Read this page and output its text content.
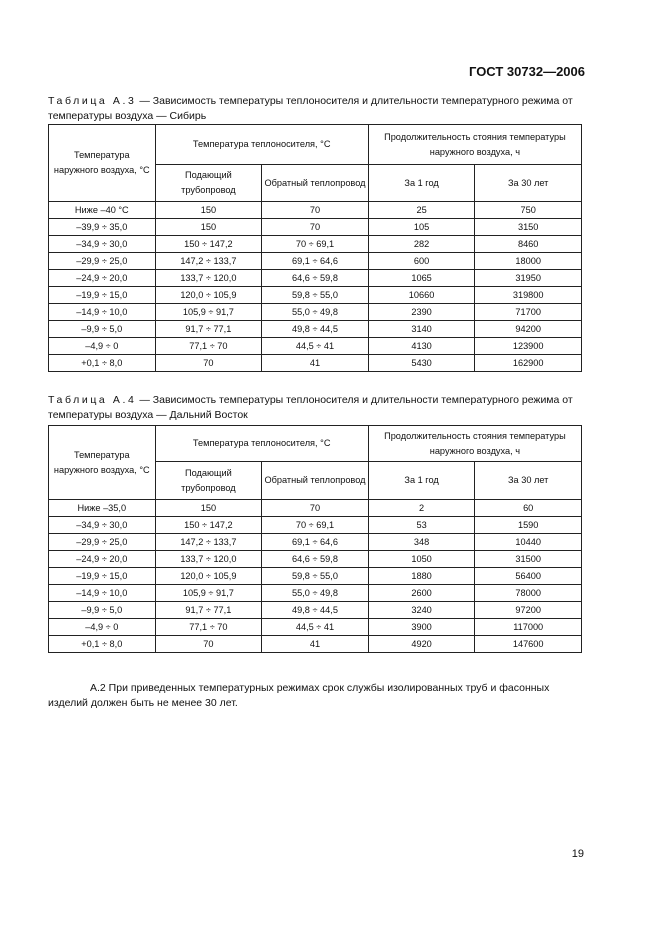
ГОСТ 30732—2006
Таблица А.3 — Зависимость температуры теплоносителя и длительности температурного режима от температуры воздуха — Сибирь
Температура наружного воздуха, °С	Температура теплоносителя, °С		Продолжительность стояния температуры наружного воздуха, ч	
	Подающий трубопровод	Обратный теплопровод	За 1 год	За 30 лет
Ниже –40 °С	150	70	25	750
–39,9 ÷ 35,0	150	70	105	3150
–34,9 ÷ 30,0	150 ÷ 147,2	70 ÷ 69,1	282	8460
–29,9 ÷ 25,0	147,2 ÷ 133,7	69,1 ÷ 64,6	600	18000
–24,9 ÷ 20,0	133,7 ÷ 120,0	64,6 ÷ 59,8	1065	31950
–19,9 ÷ 15,0	120,0 ÷ 105,9	59,8 ÷ 55,0	10660	319800
–14,9 ÷ 10,0	105,9 ÷ 91,7	55,0 ÷ 49,8	2390	71700
–9,9 ÷ 5,0	91,7 ÷ 77,1	49,8 ÷ 44,5	3140	94200
–4,9 ÷ 0	77,1 ÷ 70	44,5 ÷ 41	4130	123900
+0,1 ÷ 8,0	70	41	5430	162900
Таблица А.4 — Зависимость температуры теплоносителя и длительности температурного режима от температуры воздуха — Дальний Восток
Температура наружного воздуха, °С	Температура теплоносителя, °С		Продолжительность стояния температуры наружного воздуха, ч	
	Подающий трубопровод	Обратный теплопровод	За 1 год	За 30 лет
Ниже –35,0	150	70	2	60
–34,9 ÷ 30,0	150 ÷ 147,2	70 ÷ 69,1	53	1590
–29,9 ÷ 25,0	147,2 ÷ 133,7	69,1 ÷ 64,6	348	10440
–24,9 ÷ 20,0	133,7 ÷ 120,0	64,6 ÷ 59,8	1050	31500
–19,9 ÷ 15,0	120,0 ÷ 105,9	59,8 ÷ 55,0	1880	56400
–14,9 ÷ 10,0	105,9 ÷ 91,7	55,0 ÷ 49,8	2600	78000
–9,9 ÷ 5,0	91,7 ÷ 77,1	49,8 ÷ 44,5	3240	97200
–4,9 ÷ 0	77,1 ÷ 70	44,5 ÷ 41	3900	117000
+0,1 ÷ 8,0	70	41	4920	147600
А.2 При приведенных температурных режимах срок службы изолированных труб и фасонных изделий должен быть не менее 30 лет.
19
